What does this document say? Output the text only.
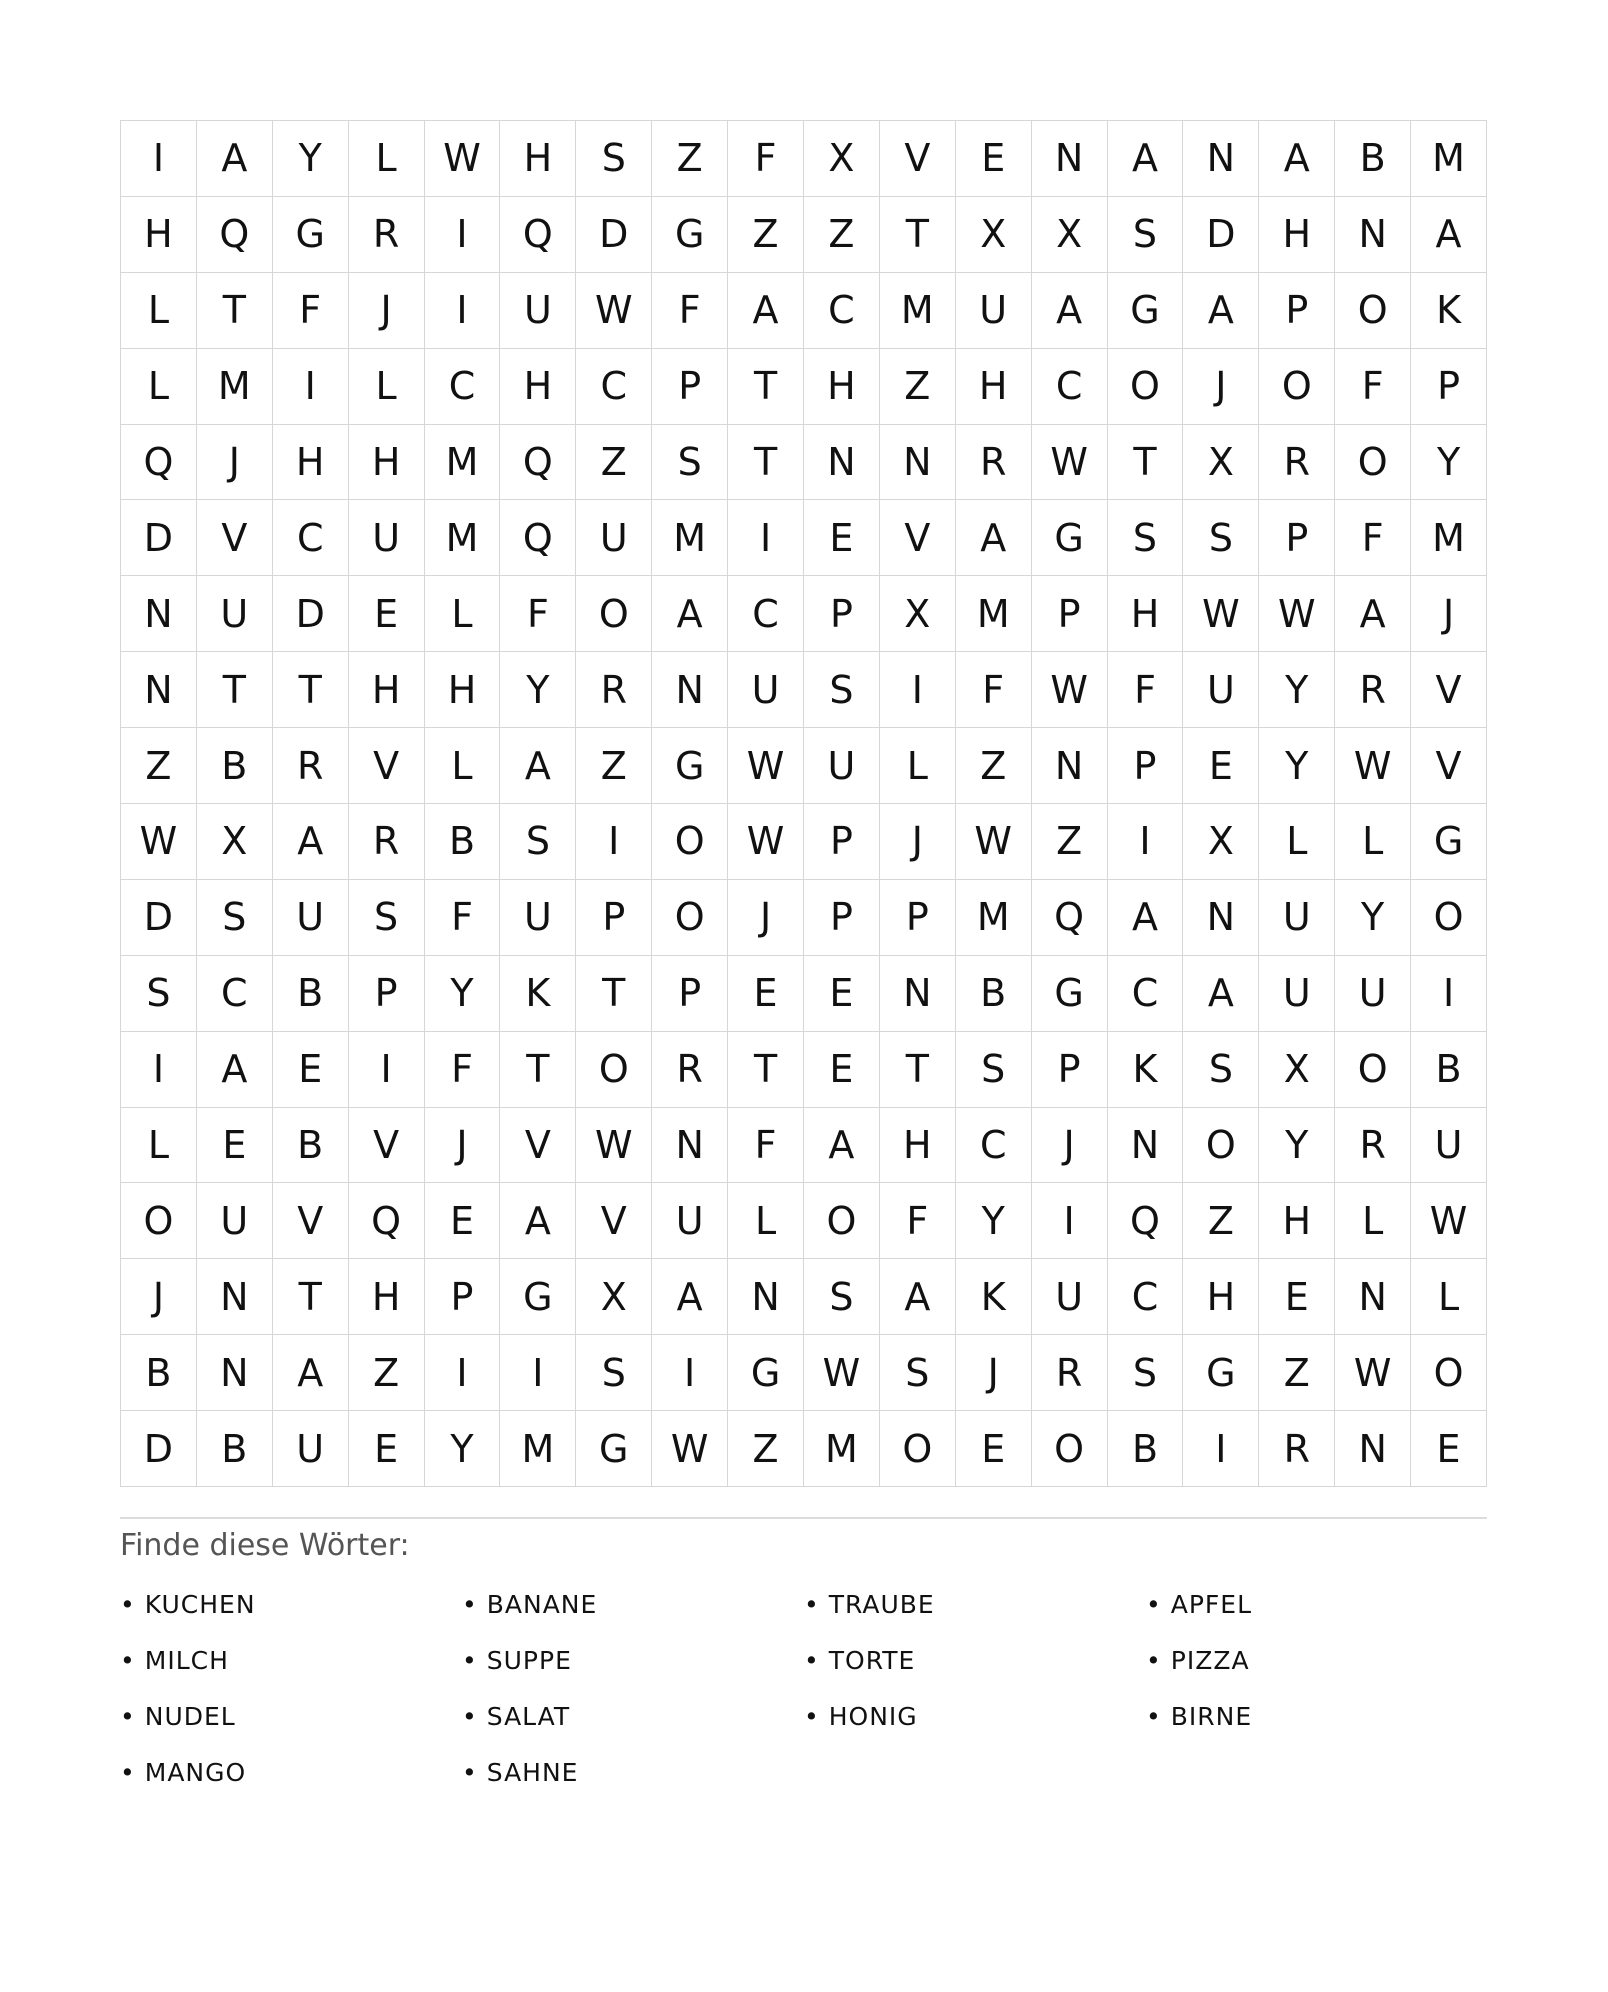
I	A	Y	L	W	H	S	Z	F	X	V	E	N	A	N	A	B	M
H	Q	G	R	I	Q	D	G	Z	Z	T	X	X	S	D	H	N	A
L	T	F	J	I	U	W	F	A	C	M	U	A	G	A	P	O	K
L	M	I	L	C	H	C	P	T	H	Z	H	C	O	J	O	F	P
Q	J	H	H	M	Q	Z	S	T	N	N	R	W	T	X	R	O	Y
D	V	C	U	M	Q	U	M	I	E	V	A	G	S	S	P	F	M
N	U	D	E	L	F	O	A	C	P	X	M	P	H	W	W	A	J
N	T	T	H	H	Y	R	N	U	S	I	F	W	F	U	Y	R	V
Z	B	R	V	L	A	Z	G	W	U	L	Z	N	P	E	Y	W	V
W	X	A	R	B	S	I	O	W	P	J	W	Z	I	X	L	L	G
D	S	U	S	F	U	P	O	J	P	P	M	Q	A	N	U	Y	O
S	C	B	P	Y	K	T	P	E	E	N	B	G	C	A	U	U	I
I	A	E	I	F	T	O	R	T	E	T	S	P	K	S	X	O	B
L	E	B	V	J	V	W	N	F	A	H	C	J	N	O	Y	R	U
O	U	V	Q	E	A	V	U	L	O	F	Y	I	Q	Z	H	L	W
J	N	T	H	P	G	X	A	N	S	A	K	U	C	H	E	N	L
B	N	A	Z	I	I	S	I	G	W	S	J	R	S	G	Z	W	O
D	B	U	E	Y	M	G	W	Z	M	O	E	O	B	I	R	N	E
Finde diese Wörter:
• KUCHEN	• BANANE	• TRAUBE	• APFEL
• MILCH	• SUPPE	• TORTE	• PIZZA
• NUDEL	• SALAT	• HONIG	• BIRNE
• MANGO	• SAHNE
